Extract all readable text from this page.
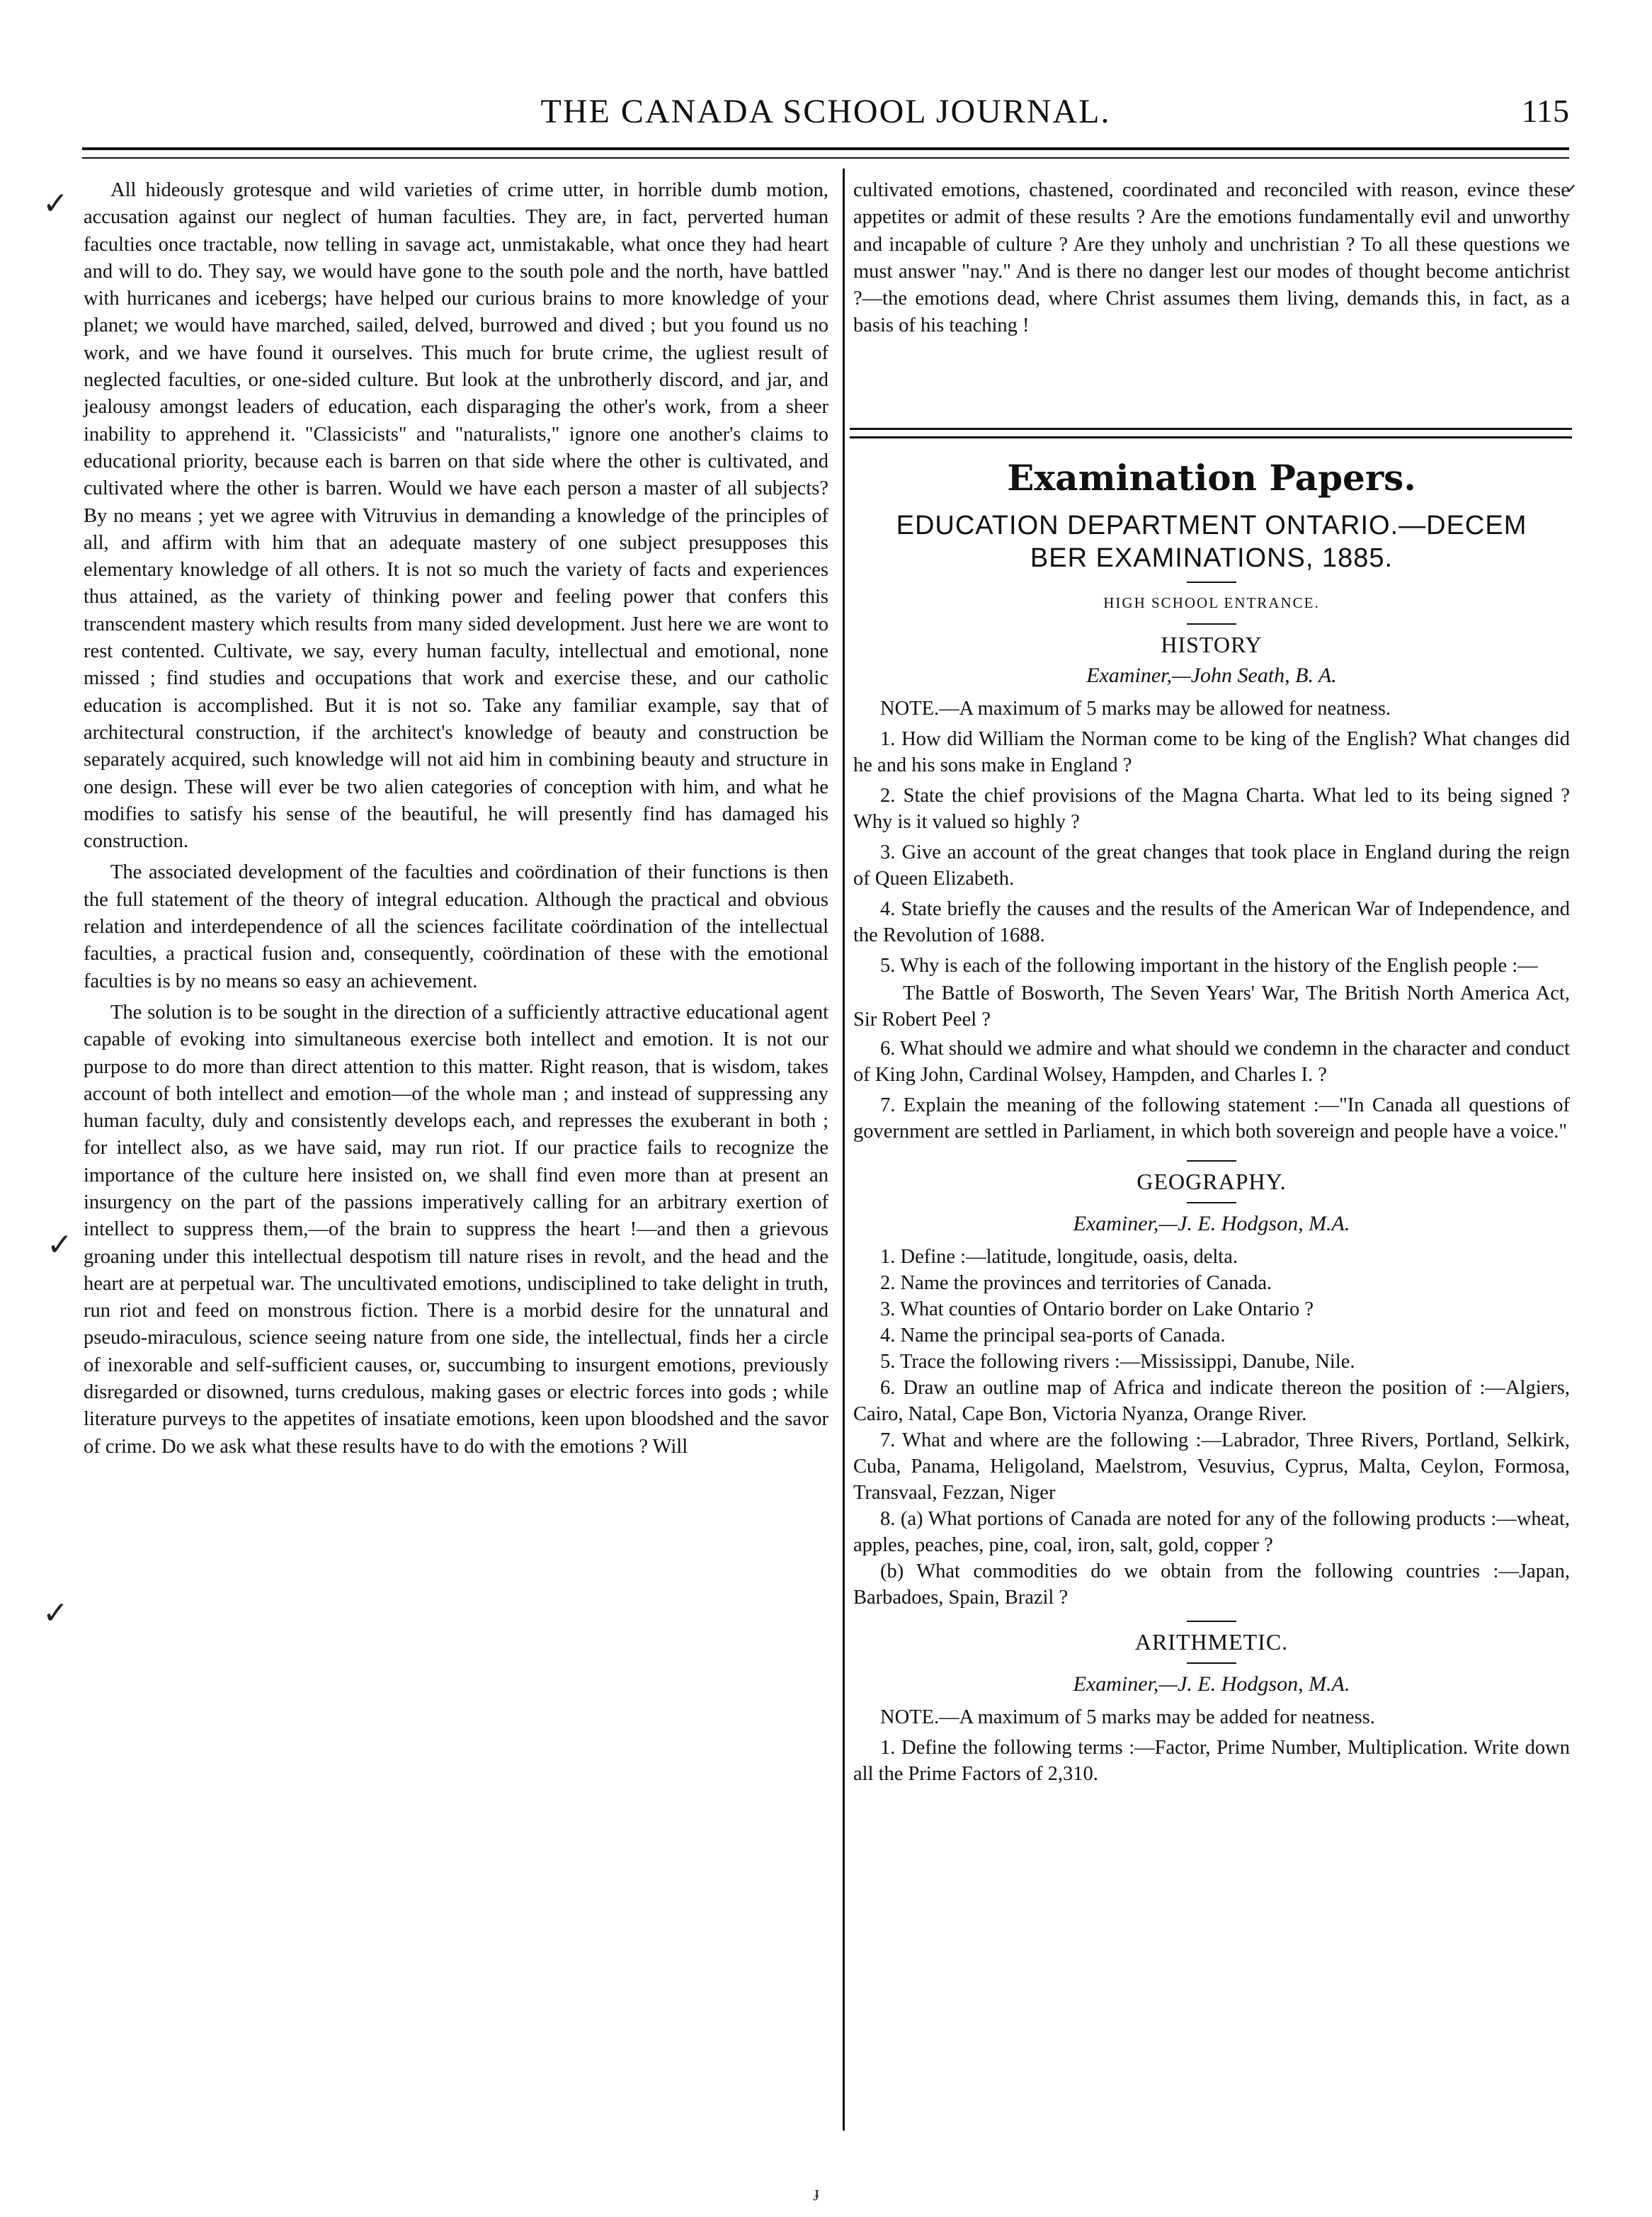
THE CANADA SCHOOL JOURNAL.	115
✓
✓
✓
ᐟ

All hideously grotesque and wild varieties of crime utter, in horrible dumb motion, accusation against our neglect of human faculties. They are, in fact, perverted human faculties once tractable, now telling in savage act, unmistakable, what once they had heart and will to do. They say, we would have gone to the south pole and the north, have battled with hurricanes and icebergs; have helped our curious brains to more knowledge of your planet; we would have marched, sailed, delved, burrowed and dived ; but you found us no work, and we have found it ourselves. This much for brute crime, the ugliest result of neglected faculties, or one-sided culture. But look at the unbrotherly discord, and jar, and jealousy amongst leaders of education, each disparaging the other's work, from a sheer inability to apprehend it. "Classicists" and "naturalists," ignore one another's claims to educational priority, because each is barren on that side where the other is cultivated, and cultivated where the other is barren. Would we have each person a master of all subjects? By no means ; yet we agree with Vitruvius in demanding a knowledge of the principles of all, and affirm with him that an adequate mastery of one subject presupposes this elementary knowledge of all others. It is not so much the variety of facts and experiences thus attained, as the variety of thinking power and feeling power that confers this transcendent mastery which results from many sided development. Just here we are wont to rest contented. Cultivate, we say, every human faculty, intellectual and emotional, none missed ; find studies and occupations that work and exercise these, and our catholic education is accomplished. But it is not so. Take any familiar example, say that of architectural construction, if the architect's knowledge of beauty and construction be separately acquired, such knowledge will not aid him in combining beauty and structure in one design. These will ever be two alien categories of conception with him, and what he modifies to satisfy his sense of the beautiful, he will presently find has damaged his construction.

The associated development of the faculties and coördination of their functions is then the full statement of the theory of integral education. Although the practical and obvious relation and interdependence of all the sciences facilitate coördination of the intellectual faculties, a practical fusion and, consequently, coördination of these with the emotional faculties is by no means so easy an achievement.

The solution is to be sought in the direction of a sufficiently attractive educational agent capable of evoking into simultaneous exercise both intellect and emotion. It is not our purpose to do more than direct attention to this matter. Right reason, that is wisdom, takes account of both intellect and emotion—of the whole man ; and instead of suppressing any human faculty, duly and consistently develops each, and represses the exuberant in both ; for intellect also, as we have said, may run riot. If our practice fails to recognize the importance of the culture here insisted on, we shall find even more than at present an insurgency on the part of the passions imperatively calling for an arbitrary exertion of intellect to suppress them,—of the brain to suppress the heart !—and then a grievous groaning under this intellectual despotism till nature rises in revolt, and the head and the heart are at perpetual war. The uncultivated emotions, undisciplined to take delight in truth, run riot and feed on monstrous fiction. There is a morbid desire for the unnatural and pseudo-miraculous, science seeing nature from one side, the intellectual, finds her a circle of inexorable and self-sufficient causes, or, succumbing to insurgent emotions, previously disregarded or disowned, turns credulous, making gases or electric forces into gods ; while literature purveys to the appetites of insatiate emotions, keen upon bloodshed and the savor of crime. Do we ask what these results have to do with the emotions ? Will

cultivated emotions, chastened, coordinated and reconciled with reason, evince these appetites or admit of these results ? Are the emotions fundamentally evil and unworthy and incapable of culture ? Are they unholy and unchristian ? To all these questions we must answer "nay." And is there no danger lest our modes of thought become antichrist ?—the emotions dead, where Christ assumes them living, demands this, in fact, as a basis of his teaching !

Examination Papers.
EDUCATION DEPARTMENT ONTARIO.—DECEM
BER EXAMINATIONS, 1885.
HIGH SCHOOL ENTRANCE.
HISTORY
Examiner,—John Seath, B. A.

NOTE.—A maximum of 5 marks may be allowed for neatness.

1. How did William the Norman come to be king of the English? What changes did he and his sons make in England ?

2. State the chief provisions of the Magna Charta. What led to its being signed ? Why is it valued so highly ?

3. Give an account of the great changes that took place in England during the reign of Queen Elizabeth.

4. State briefly the causes and the results of the American War of Independence, and the Revolution of 1688.

5. Why is each of the following important in the history of the English people :—

The Battle of Bosworth, The Seven Years' War, The British North America Act, Sir Robert Peel ?

6. What should we admire and what should we condemn in the character and conduct of King John, Cardinal Wolsey, Hampden, and Charles I. ?

7. Explain the meaning of the following statement :—"In Canada all questions of government are settled in Parliament, in which both sovereign and people have a voice."

GEOGRAPHY.
Examiner,—J. E. Hodgson, M.A.

1. Define :—latitude, longitude, oasis, delta.

2. Name the provinces and territories of Canada.

3. What counties of Ontario border on Lake Ontario ?

4. Name the principal sea-ports of Canada.

5. Trace the following rivers :—Mississippi, Danube, Nile.

6. Draw an outline map of Africa and indicate thereon the position of :—Algiers, Cairo, Natal, Cape Bon, Victoria Nyanza, Orange River.

7. What and where are the following :—Labrador, Three Rivers, Portland, Selkirk, Cuba, Panama, Heligoland, Maelstrom, Vesuvius, Cyprus, Malta, Ceylon, Formosa, Transvaal, Fezzan, Niger

8. (a) What portions of Canada are noted for any of the following products :—wheat, apples, peaches, pine, coal, iron, salt, gold, copper ?

(b) What commodities do we obtain from the following countries :—Japan, Barbadoes, Spain, Brazil ?

ARITHMETIC.
Examiner,—J. E. Hodgson, M.A.

NOTE.—A maximum of 5 marks may be added for neatness.

1. Define the following terms :—Factor, Prime Number, Multiplication. Write down all the Prime Factors of 2,310.

ɟ
